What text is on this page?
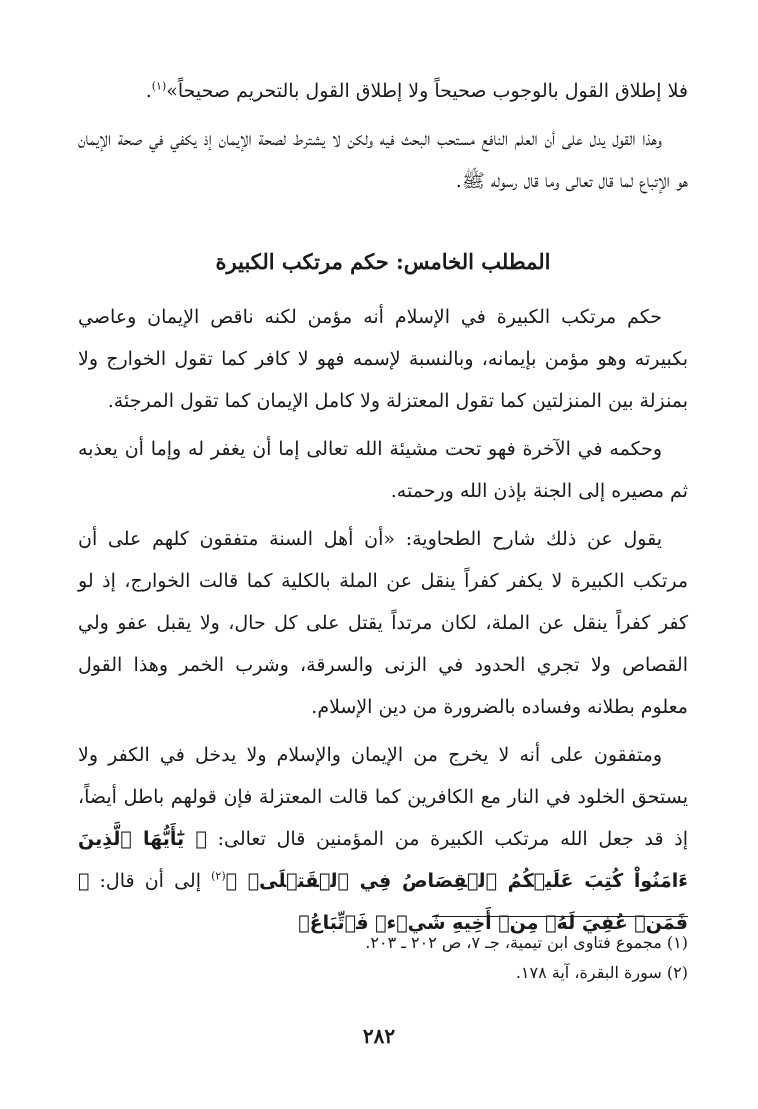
فلا إطلاق القول بالوجوب صحيحاً ولا إطلاق القول بالتحريم صحيحاً»$^{(١)}$.

وهذا القول يدل على أن العلم النافع مستحب البحث فيه ولكن لا يشترط لصحة الإيمان إذ يكفي في صحة الإيمان هو الإتباع لما قال تعالى وما قال رسوله ﷺ.

المطلب الخامس: حكم مرتكب الكبيرة

حكم مرتكب الكبيرة في الإسلام أنه مؤمن لكنه ناقص الإيمان وعاصي بكبيرته وهو مؤمن بإيمانه، وبالنسبة لإسمه فهو لا كافر كما تقول الخوارج ولا بمنزلة بين المنزلتين كما تقول المعتزلة ولا كامل الإيمان كما تقول المرجئة.

وحكمه في الآخرة فهو تحت مشيئة الله تعالى إما أن يغفر له وإما أن يعذبه ثم مصيره إلى الجنة بإذن الله ورحمته.

يقول عن ذلك شارح الطحاوية: «أن أهل السنة متفقون كلهم على أن مرتكب الكبيرة لا يكفر كفراً ينقل عن الملة بالكلية كما قالت الخوارج، إذ لو كفر كفراً ينقل عن الملة، لكان مرتداً يقتل على كل حال، ولا يقبل عفو ولي القصاص ولا تجري الحدود في الزنى والسرقة، وشرب الخمر وهذا القول معلوم بطلانه وفساده بالضرورة من دين الإسلام.

ومتفقون على أنه لا يخرج من الإيمان والإسلام ولا يدخل في الكفر ولا يستحق الخلود في النار مع الكافرين كما قالت المعتزلة فإن قولهم باطل أيضاً، إذ قد جعل الله مرتكب الكبيرة من المؤمنين قال تعالى: ﴿ يَٰٓأَيُّهَا ٱلَّذِينَ ءَامَنُواْ كُتِبَ عَلَيۡكُمُ ٱلۡقِصَاصُ فِي ٱلۡقَتۡلَىۖ ﴾$^{(٢)}$ إلى أن قال: ﴿ فَمَنۡ عُفِيَ لَهُۥ مِنۡ أَخِيهِ شَيۡءٞ فَٱتِّبَاعُۢ

(١) مجموع فتاوى ابن تيمية، جـ ٧، ص ٢٠٢ ـ ٢٠٣.

(٢) سورة البقرة، آية ١٧٨.

٢٨٢
